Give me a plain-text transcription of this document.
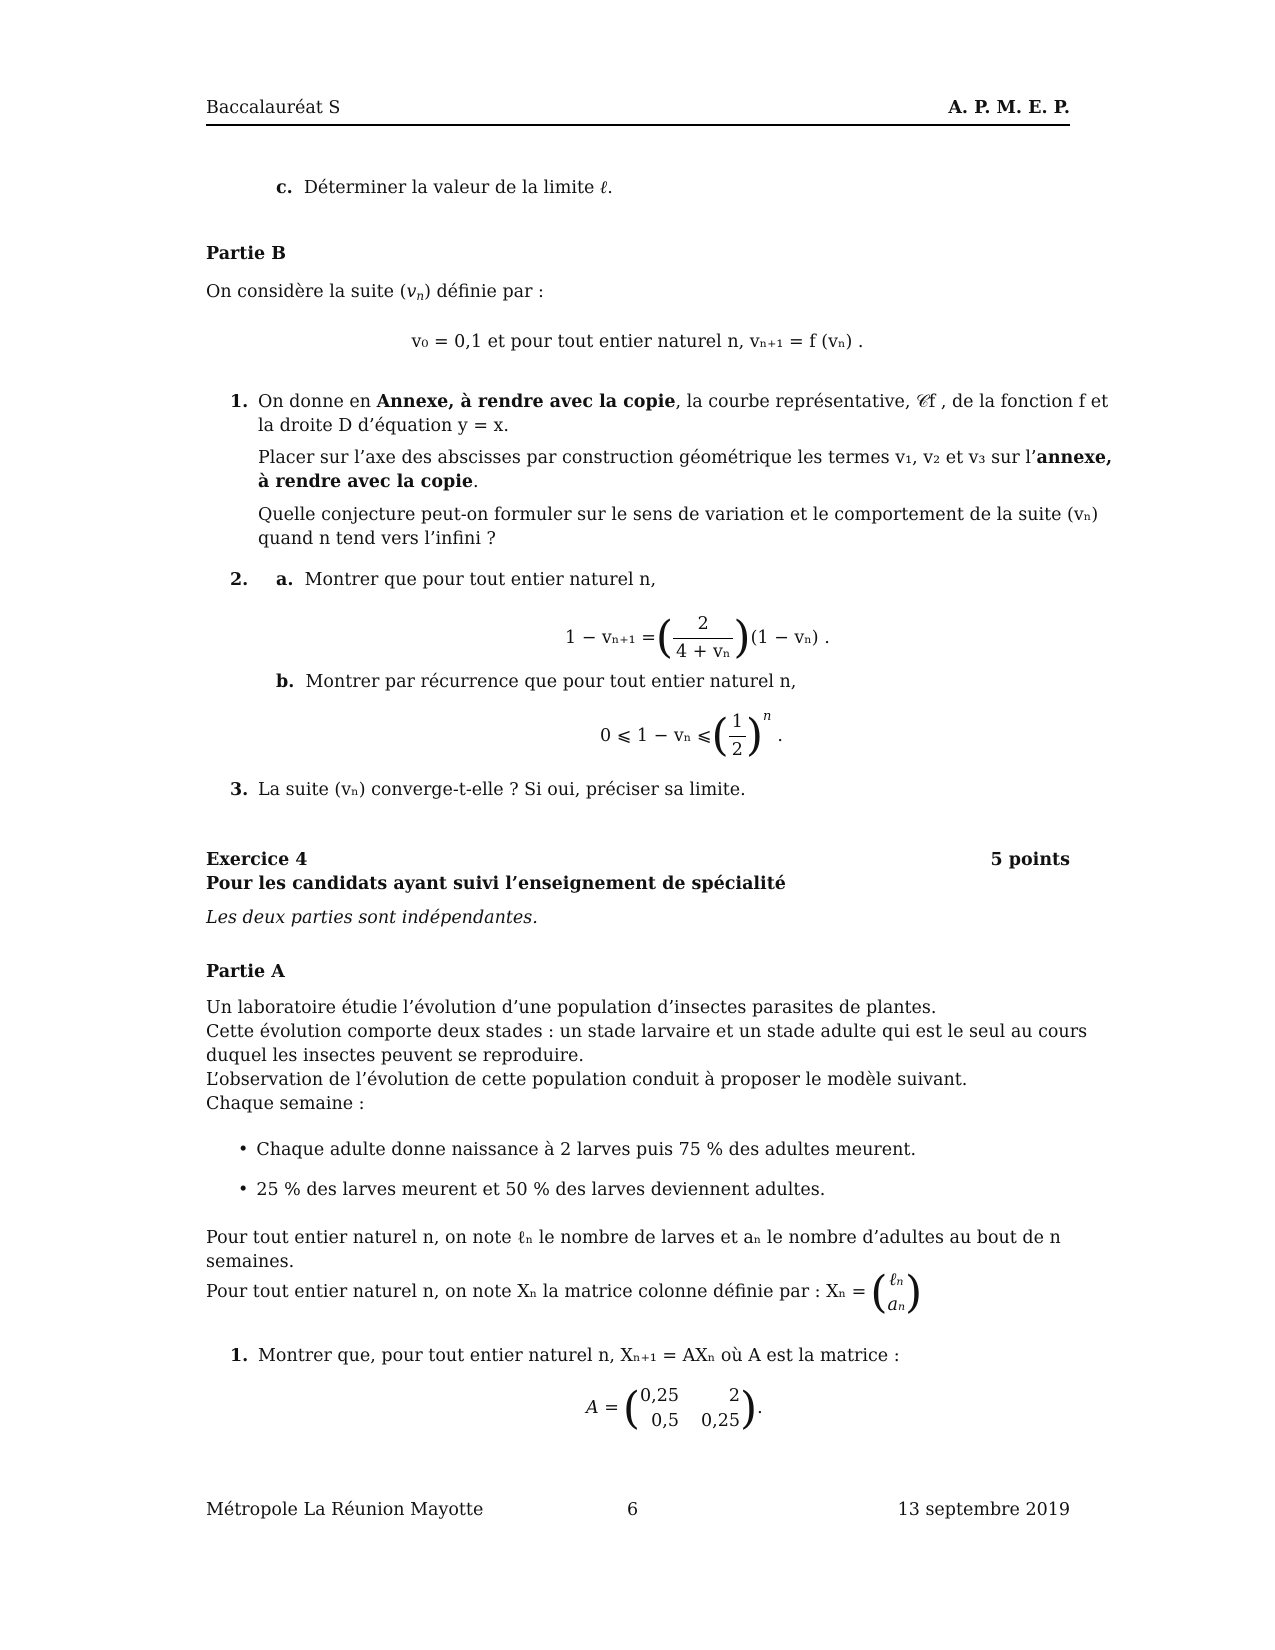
Baccalauréat S	A. P. M. E. P.
c. Déterminer la valeur de la limite ℓ.
Partie B
On considère la suite $(v_n)$ définie par :
v₀ = 0,1 et pour tout entier naturel n, vₙ₊₁ = f (vₙ) .
1. On donne en Annexe, à rendre avec la copie, la courbe représentative, 𝒞f , de la fonction f et
la droite D d’équation y = x.
Placer sur l’axe des abscisses par construction géométrique les termes v₁, v₂ et v₃ sur l’annexe,
à rendre avec la copie.
Quelle conjecture peut-on formuler sur le sens de variation et le comportement de la suite (vₙ)
quand n tend vers l’infini ?
2. a. Montrer que pour tout entier naturel n,
1 − vₙ₊₁ = ( $\frac{2}{\text{4 + vₙ}}$ ) (1 − vₙ) .
b. Montrer par récurrence que pour tout entier naturel n,
0 ⩽ 1 − vₙ ⩽ ( $\frac{1}{2}$ ) n
.
3. La suite (vₙ) converge-t-elle ? Si oui, préciser sa limite.
Exercice 4	5 points
Pour les candidats ayant suivi l’enseignement de spécialité
Les deux parties sont indépendantes.
Partie A
Un laboratoire étudie l’évolution d’une population d’insectes parasites de plantes.
Cette évolution comporte deux stades : un stade larvaire et un stade adulte qui est le seul au cours
duquel les insectes peuvent se reproduire.
L’observation de l’évolution de cette population conduit à proposer le modèle suivant.
Chaque semaine :
• Chaque adulte donne naissance à 2 larves puis 75 % des adultes meurent.
• 25 % des larves meurent et 50 % des larves deviennent adultes.
Pour tout entier naturel n, on note ℓₙ le nombre de larves et aₙ le nombre d’adultes au bout de n
semaines.
Pour tout entier naturel n, on note Xₙ la matrice colonne définie par : Xₙ = ( ℓₙ
aₙ )
1. Montrer que, pour tout entier naturel n, Xₙ₊₁ = AXₙ où A est la matrice :
A = ( 0,25	2
0,5 0,25 ) .
Métropole La Réunion Mayotte	6	13 septembre 2019
